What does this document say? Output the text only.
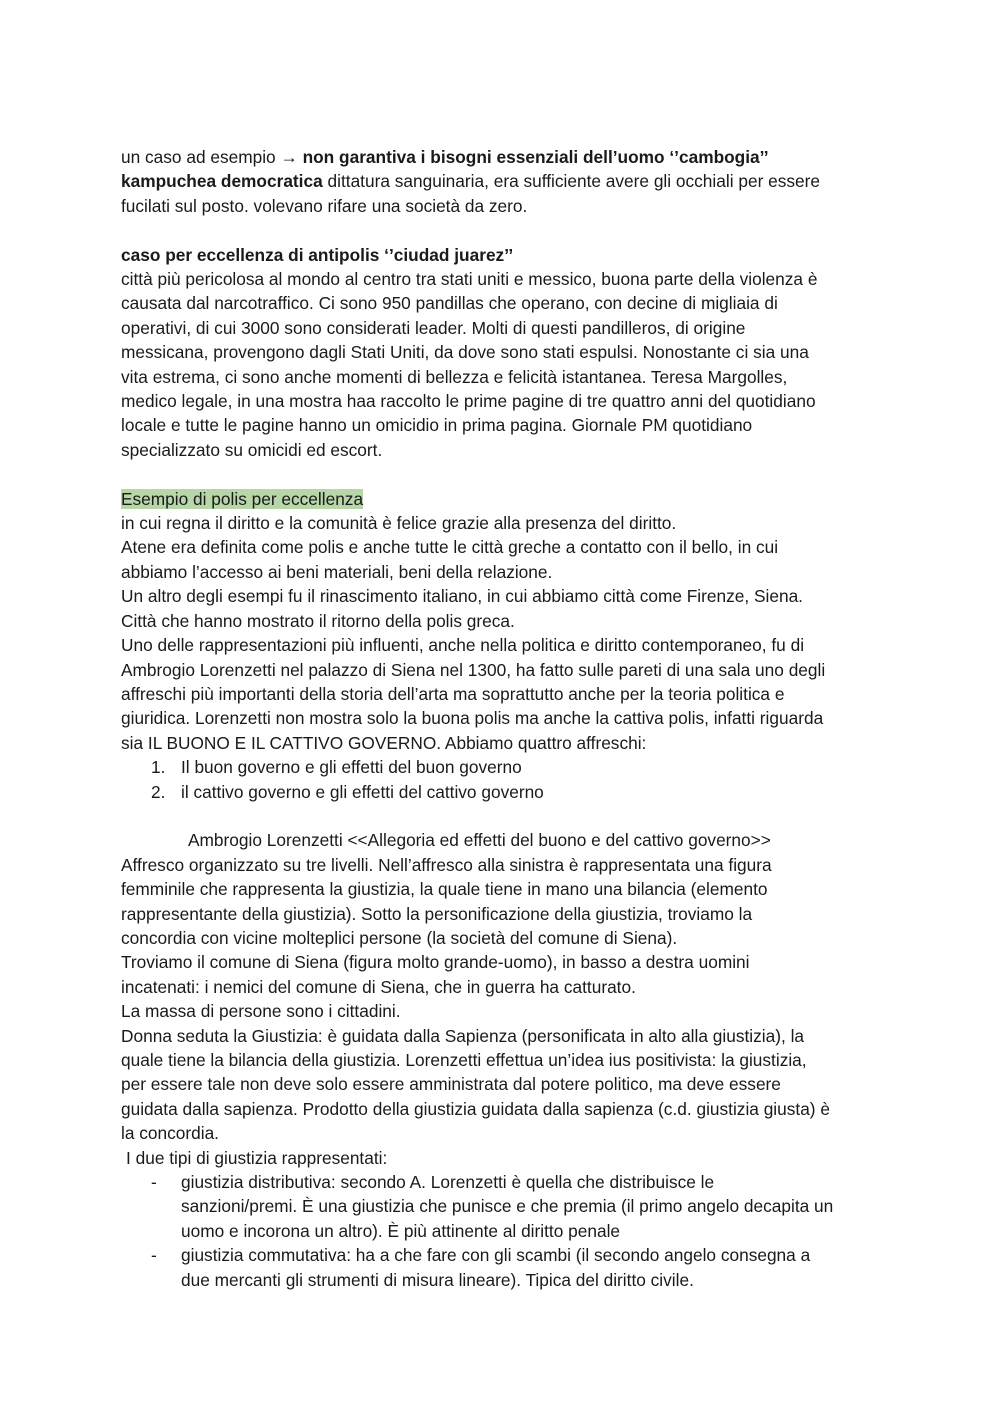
un caso ad esempio → non garantiva i bisogni essenziali dell’uomo ‘’cambogia’’
kampuchea democratica dittatura sanguinaria, era sufficiente avere gli occhiali per essere
fucilati sul posto. volevano rifare una società da zero.

caso per eccellenza di antipolis ‘’ciudad juarez’’

città più pericolosa al mondo al centro tra stati uniti e messico, buona parte della violenza è

causata dal narcotraffico. Ci sono 950 pandillas che operano, con decine di migliaia di

operativi, di cui 3000 sono considerati leader. Molti di questi pandilleros, di origine

messicana, provengono dagli Stati Uniti, da dove sono stati espulsi. Nonostante ci sia una

vita estrema, ci sono anche momenti di bellezza e felicità istantanea. Teresa Margolles,

medico legale, in una mostra haa raccolto le prime pagine di tre quattro anni del quotidiano

locale e tutte le pagine hanno un omicidio in prima pagina. Giornale PM quotidiano

specializzato su omicidi ed escort.

Esempio di polis per eccellenza

in cui regna il diritto e la comunità è felice grazie alla presenza del diritto.

Atene era definita come polis e anche tutte le città greche a contatto con il bello, in cui

abbiamo l’accesso ai beni materiali, beni della relazione.

Un altro degli esempi fu il rinascimento italiano, in cui abbiamo città come Firenze, Siena.

Città che hanno mostrato il ritorno della polis greca.

Uno delle rappresentazioni più influenti, anche nella politica e diritto contemporaneo, fu di

Ambrogio Lorenzetti nel palazzo di Siena nel 1300, ha fatto sulle pareti di una sala uno degli

affreschi più importanti della storia dell’arta ma soprattutto anche per la teoria politica e

giuridica. Lorenzetti non mostra solo la buona polis ma anche la cattiva polis, infatti riguarda

sia IL BUONO E IL CATTIVO GOVERNO. Abbiamo quattro affreschi:

1. Il buon governo e gli effetti del buon governo
2. il cattivo governo e gli effetti del cattivo governo

Ambrogio Lorenzetti <<Allegoria ed effetti del buono e del cattivo governo>>

Affresco organizzato su tre livelli. Nell’affresco alla sinistra è rappresentata una figura

femminile che rappresenta la giustizia, la quale tiene in mano una bilancia (elemento

rappresentante della giustizia). Sotto la personificazione della giustizia, troviamo la

concordia con vicine molteplici persone (la società del comune di Siena).

Troviamo il comune di Siena (figura molto grande-uomo), in basso a destra uomini

incatenati: i nemici del comune di Siena, che in guerra ha catturato.

La massa di persone sono i cittadini.

Donna seduta la Giustizia: è guidata dalla Sapienza (personificata in alto alla giustizia), la

quale tiene la bilancia della giustizia. Lorenzetti effettua un’idea ius positivista: la giustizia,

per essere tale non deve solo essere amministrata dal potere politico, ma deve essere

guidata dalla sapienza. Prodotto della giustizia guidata dalla sapienza (c.d. giustizia giusta) è

la concordia.

I due tipi di giustizia rappresentati:

- giustizia distributiva: secondo A. Lorenzetti è quella che distribuisce le
sanzioni/premi. È una giustizia che punisce e che premia (il primo angelo decapita un
uomo e incorona un altro). È più attinente al diritto penale
- giustizia commutativa: ha a che fare con gli scambi (il secondo angelo consegna a
due mercanti gli strumenti di misura lineare). Tipica del diritto civile.
